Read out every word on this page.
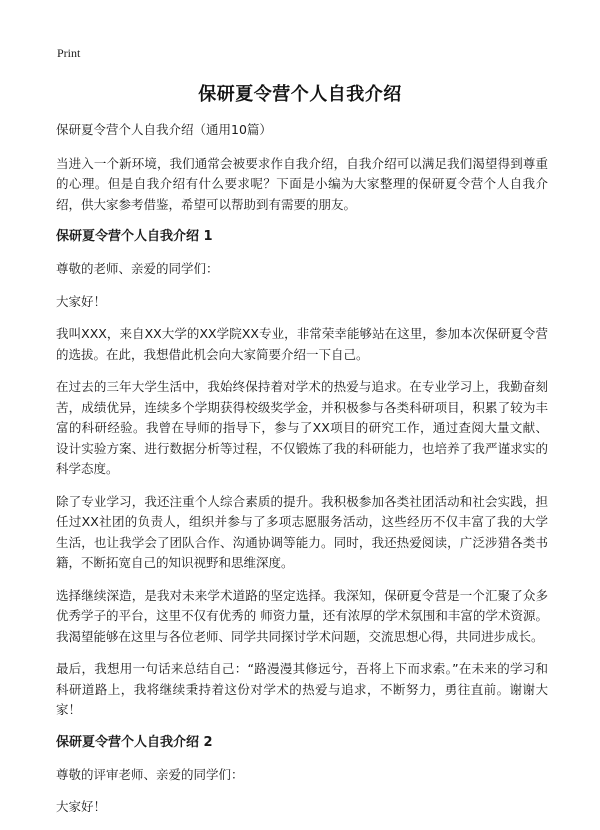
Print
保研夏令营个人自我介绍

保研夏令营个人自我介绍（通用10篇）

当进入一个新环境，我们通常会被要求作自我介绍，自我介绍可以满足我们渴望得到尊重的心理。但是自我介绍有什么要求呢？下面是小编为大家整理的保研夏令营个人自我介绍，供大家参考借鉴，希望可以帮助到有需要的朋友。

保研夏令营个人自我介绍 1

尊敬的老师、亲爱的同学们：

大家好！

我叫XXX，来自XX大学的XX学院XX专业，非常荣幸能够站在这里，参加本次保研夏令营的选拔。在此，我想借此机会向大家简要介绍一下自己。

在过去的三年大学生活中，我始终保持着对学术的热爱与追求。在专业学习上，我勤奋刻苦，成绩优异，连续多个学期获得校级奖学金，并积极参与各类科研项目，积累了较为丰富的科研经验。我曾在导师的指导下，参与了XX项目的研究工作，通过查阅大量文献、设计实验方案、进行数据分析等过程，不仅锻炼了我的科研能力，也培养了我严谨求实的科学态度。

除了专业学习，我还注重个人综合素质的提升。我积极参加各类社团活动和社会实践，担任过XX社团的负责人，组织并参与了多项志愿服务活动，这些经历不仅丰富了我的大学生活，也让我学会了团队合作、沟通协调等能力。同时，我还热爱阅读，广泛涉猎各类书籍，不断拓宽自己的知识视野和思维深度。

选择继续深造，是我对未来学术道路的坚定选择。我深知，保研夏令营是一个汇聚了众多优秀学子的平台，这里不仅有优秀的 师资力量，还有浓厚的学术氛围和丰富的学术资源。我渴望能够在这里与各位老师、同学共同探讨学术问题，交流思想心得，共同进步成长。

最后，我想用一句话来总结自己：“路漫漫其修远兮，吾将上下而求索。”在未来的学习和科研道路上，我将继续秉持着这份对学术的热爱与追求，不断努力，勇往直前。谢谢大家！

保研夏令营个人自我介绍 2

尊敬的评审老师、亲爱的同学们：

大家好！
